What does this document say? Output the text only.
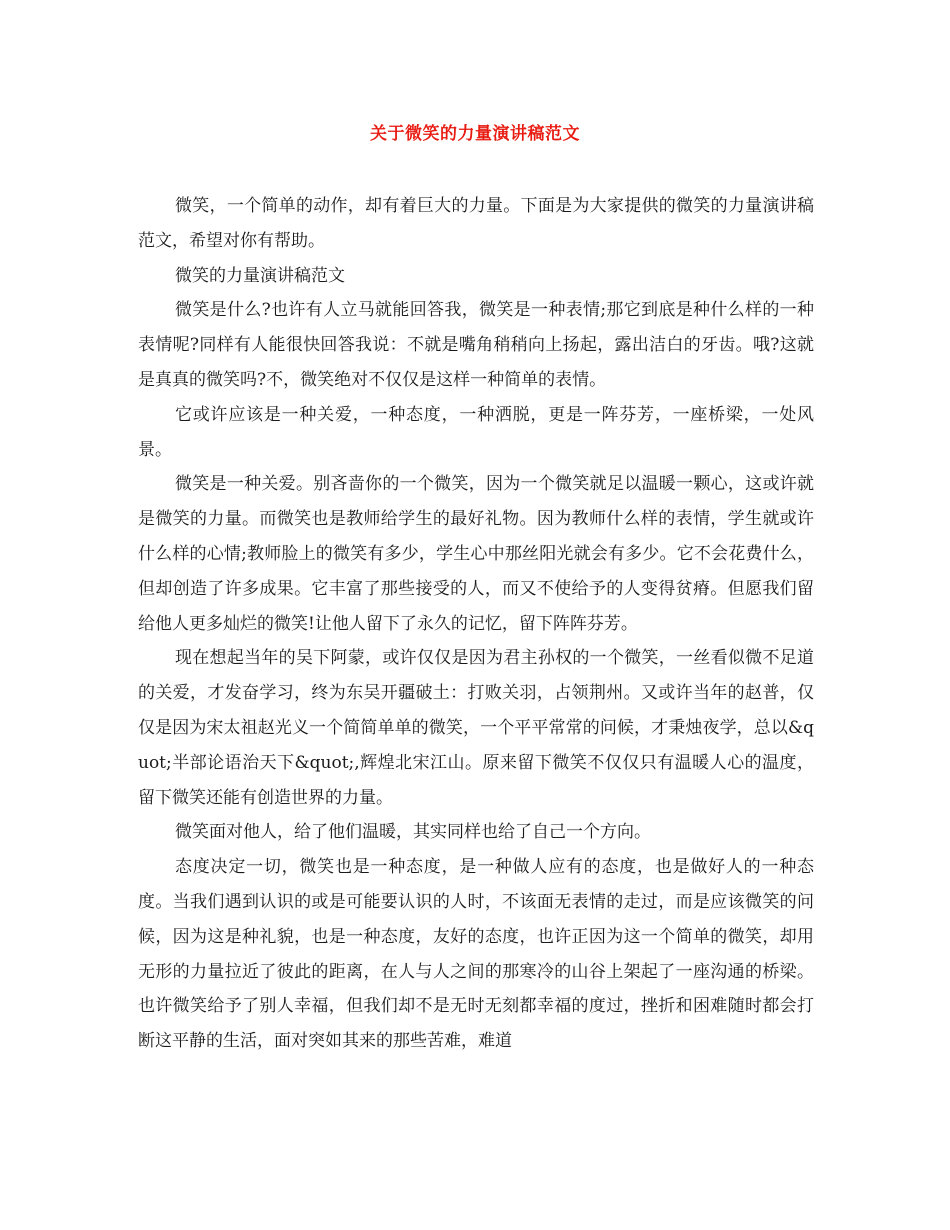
关于微笑的力量演讲稿范文

微笑，一个简单的动作，却有着巨大的力量。下面是为大家提供的微笑的力量演讲稿范文，希望对你有帮助。

微笑的力量演讲稿范文

微笑是什么?也许有人立马就能回答我，微笑是一种表情;那它到底是种什么样的一种表情呢?同样有人能很快回答我说：不就是嘴角稍稍向上扬起，露出洁白的牙齿。哦?这就是真真的微笑吗?不，微笑绝对不仅仅是这样一种简单的表情。

它或许应该是一种关爱，一种态度，一种洒脱，更是一阵芬芳，一座桥梁，一处风景。

微笑是一种关爱。别吝啬你的一个微笑，因为一个微笑就足以温暖一颗心，这或许就是微笑的力量。而微笑也是教师给学生的最好礼物。因为教师什么样的表情，学生就或许什么样的心情;教师脸上的微笑有多少，学生心中那丝阳光就会有多少。它不会花费什么，但却创造了许多成果。它丰富了那些接受的人，而又不使给予的人变得贫瘠。但愿我们留给他人更多灿烂的微笑!让他人留下了永久的记忆，留下阵阵芬芳。

现在想起当年的吴下阿蒙，或许仅仅是因为君主孙权的一个微笑，一丝看似微不足道的关爱，才发奋学习，终为东吴开疆破土：打败关羽，占领荆州。又或许当年的赵普，仅仅是因为宋太祖赵光义一个简简单单的微笑，一个平平常常的问候，才秉烛夜学，总以&quot;半部论语治天下&quot;,辉煌北宋江山。原来留下微笑不仅仅只有温暖人心的温度，留下微笑还能有创造世界的力量。

微笑面对他人，给了他们温暖，其实同样也给了自己一个方向。

态度决定一切，微笑也是一种态度，是一种做人应有的态度，也是做好人的一种态度。当我们遇到认识的或是可能要认识的人时，不该面无表情的走过，而是应该微笑的问候，因为这是种礼貌，也是一种态度，友好的态度，也许正因为这一个简单的微笑，却用无形的力量拉近了彼此的距离，在人与人之间的那寒冷的山谷上架起了一座沟通的桥梁。也许微笑给予了别人幸福，但我们却不是无时无刻都幸福的度过，挫折和困难随时都会打断这平静的生活，面对突如其来的那些苦难，难道
